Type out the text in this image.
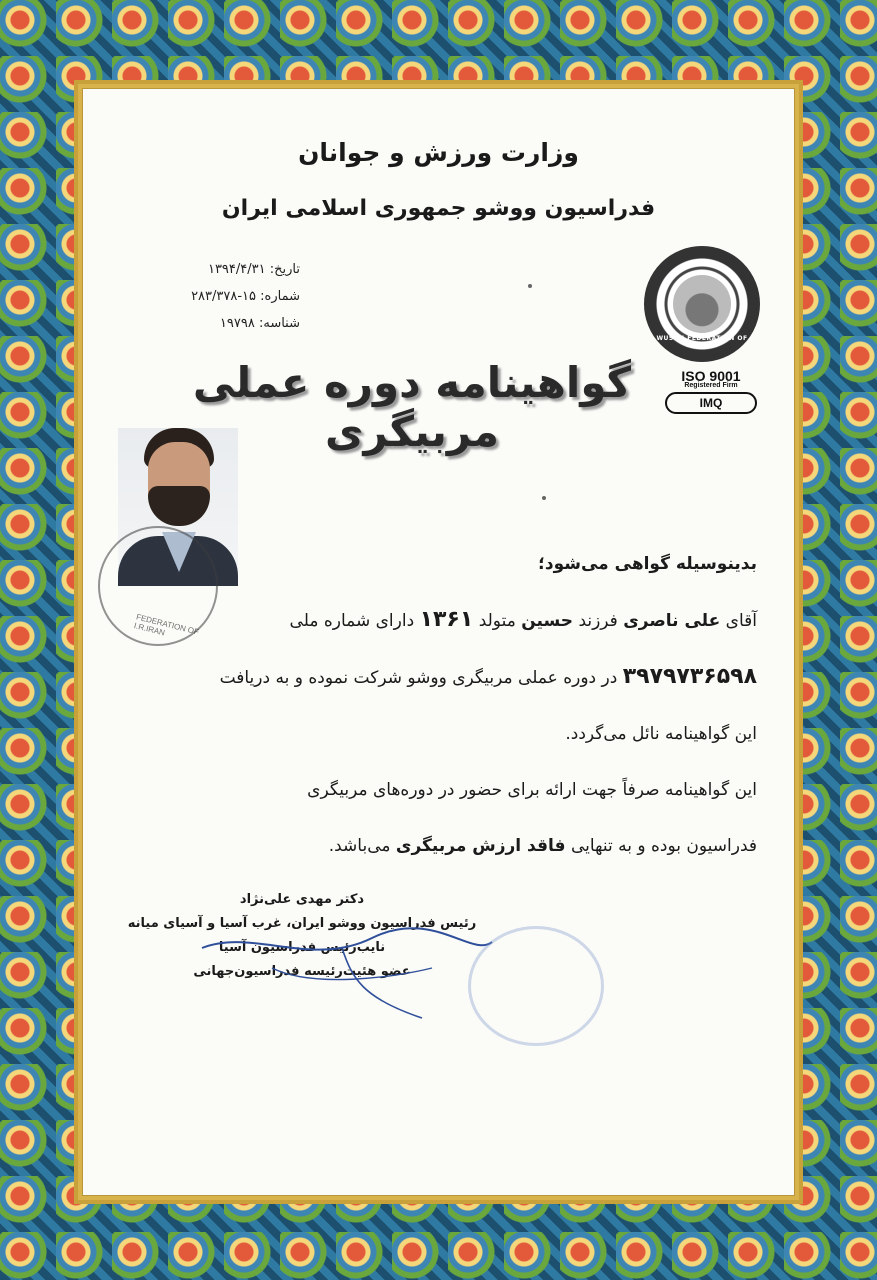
وزارت ورزش و جوانان
فدراسیون ووشو جمهوری اسلامی ایران
تاریخ: ۱۳۹۴/۴/۳۱
شماره: ۱۵-۲۸۳/۳۷۸
شناسه: ۱۹۷۹۸
WUSHU FEDERATION OF I.R.IRAN
ISO 9001
Registered Firm
IMQ
گواهینامه دوره عملی مربیگری
FEDERATION OF I.R.IRAN
بدینوسیله گواهی می‌شود؛
آقای علی ناصری فرزند حسین متولد ۱۳۶۱ دارای شماره ملی
۳۹۷۹۷۳۶۵۹۸ در دوره عملی مربیگری ووشو شرکت نموده و به دریافت
این گواهینامه نائل می‌گردد.
این گواهینامه صرفاً جهت ارائه برای حضور در دوره‌های مربیگری
فدراسیون بوده و به تنهایی فاقد ارزش مربیگری می‌باشد.
دکتر مهدی علی‌نژاد
رئیس فدراسیون ووشو ایران، غرب آسیا و آسیای میانه
نایب‌رئیس فدراسیون آسیا
عضو هئیت‌رئیسه فدراسیون‌جهانی
